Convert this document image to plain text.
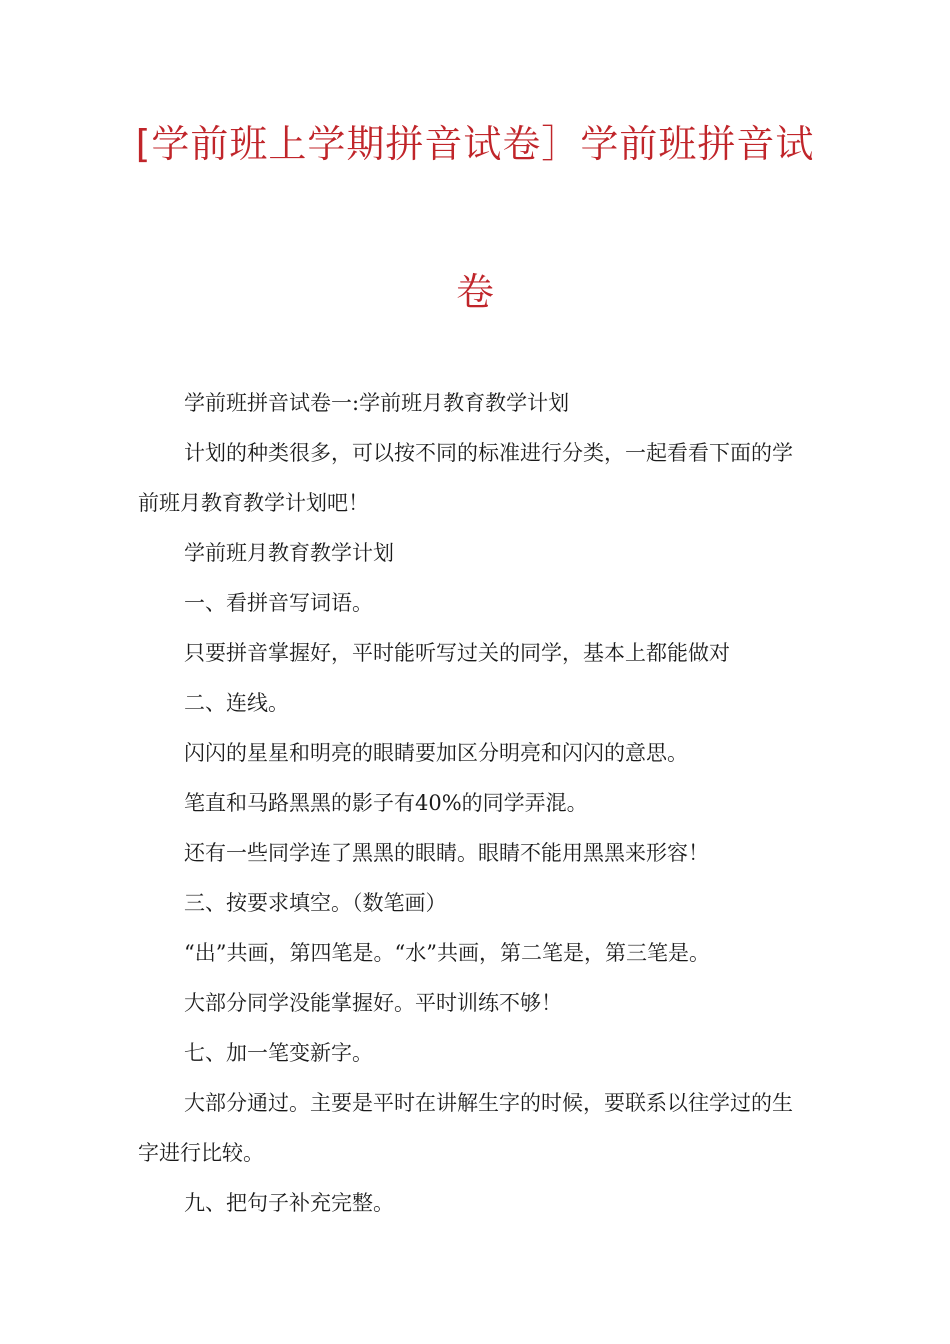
[学前班上学期拼音试卷］学前班拼音试
卷

学前班拼音试卷一:学前班月教育教学计划

计划的种类很多，可以按不同的标准进行分类，一起看看下面的学前班月教育教学计划吧！

学前班月教育教学计划

一、看拼音写词语。

只要拼音掌握好，平时能听写过关的同学，基本上都能做对

二、连线。

闪闪的星星和明亮的眼睛要加区分明亮和闪闪的意思。

笔直和马路黑黑的影子有40%的同学弄混。

还有一些同学连了黑黑的眼睛。眼睛不能用黑黑来形容！

三、按要求填空。（数笔画）

“出”共画，第四笔是。“水”共画，第二笔是，第三笔是。

大部分同学没能掌握好。平时训练不够！

七、加一笔变新字。

大部分通过。主要是平时在讲解生字的时候，要联系以往学过的生字进行比较。

九、把句子补充完整。
